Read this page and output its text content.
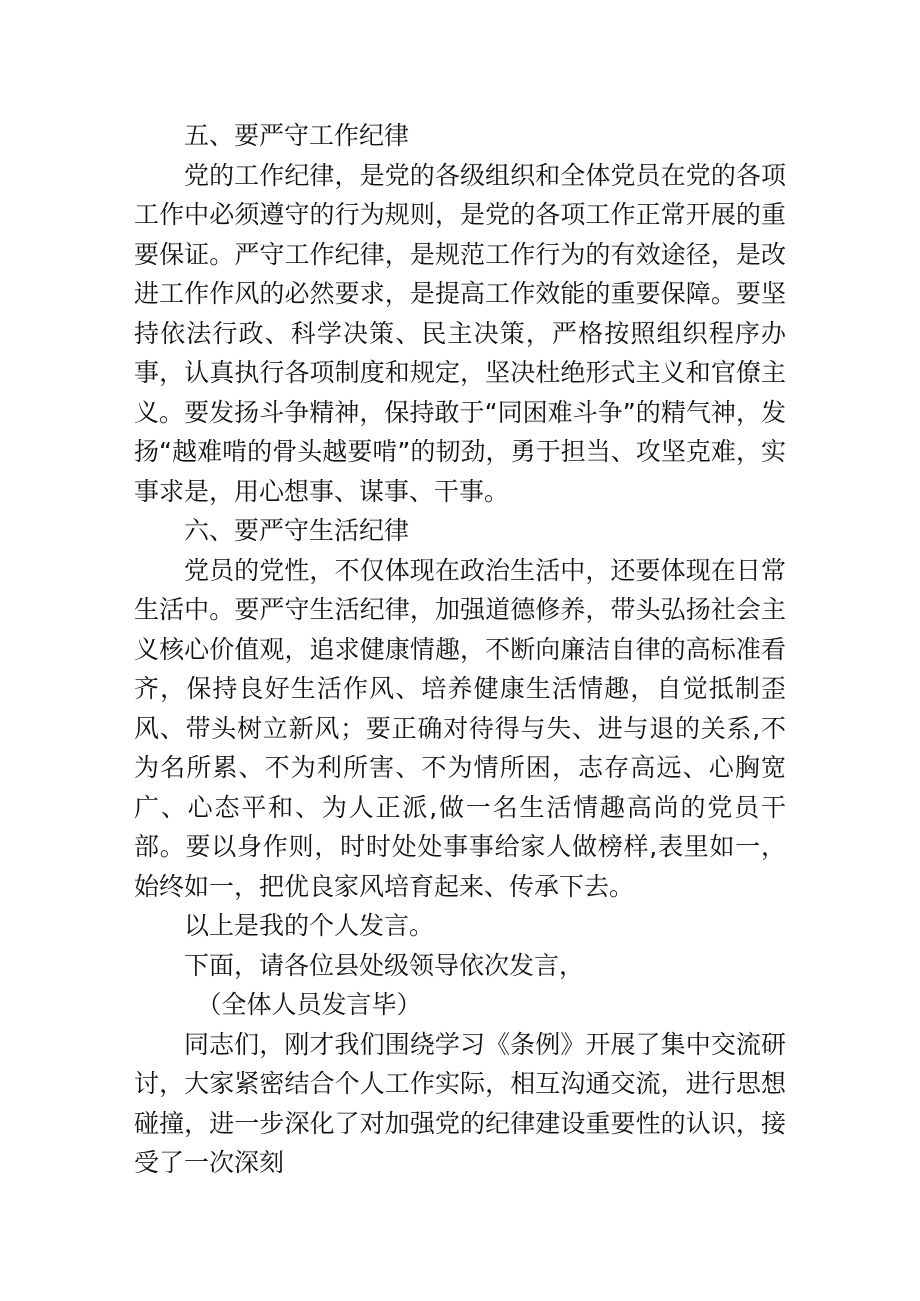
五、要严守工作纪律

党的工作纪律，是党的各级组织和全体党员在党的各项工作中必须遵守的行为规则，是党的各项工作正常开展的重要保证。严守工作纪律，是规范工作行为的有效途径，是改进工作作风的必然要求，是提高工作效能的重要保障。要坚持依法行政、科学决策、民主决策，严格按照组织程序办事，认真执行各项制度和规定，坚决杜绝形式主义和官僚主义。要发扬斗争精神，保持敢于“同困难斗争”的精气神，发扬“越难啃的骨头越要啃”的韧劲，勇于担当、攻坚克难，实事求是，用心想事、谋事、干事。

六、要严守生活纪律

党员的党性，不仅体现在政治生活中，还要体现在日常生活中。要严守生活纪律，加强道德修养，带头弘扬社会主义核心价值观，追求健康情趣，不断向廉洁自律的高标准看齐，保持良好生活作风、培养健康生活情趣，自觉抵制歪风、带头树立新风；要正确对待得与失、进与退的关系,不为名所累、不为利所害、不为情所困，志存高远、心胸宽广、心态平和、为人正派,做一名生活情趣高尚的党员干部。要以身作则，时时处处事事给家人做榜样,表里如一，始终如一，把优良家风培育起来、传承下去。

以上是我的个人发言。

下面，请各位县处级领导依次发言，

（全体人员发言毕）

同志们，刚才我们围绕学习《条例》开展了集中交流研讨，大家紧密结合个人工作实际，相互沟通交流，进行思想碰撞，进一步深化了对加强党的纪律建设重要性的认识，接受了一次深刻
